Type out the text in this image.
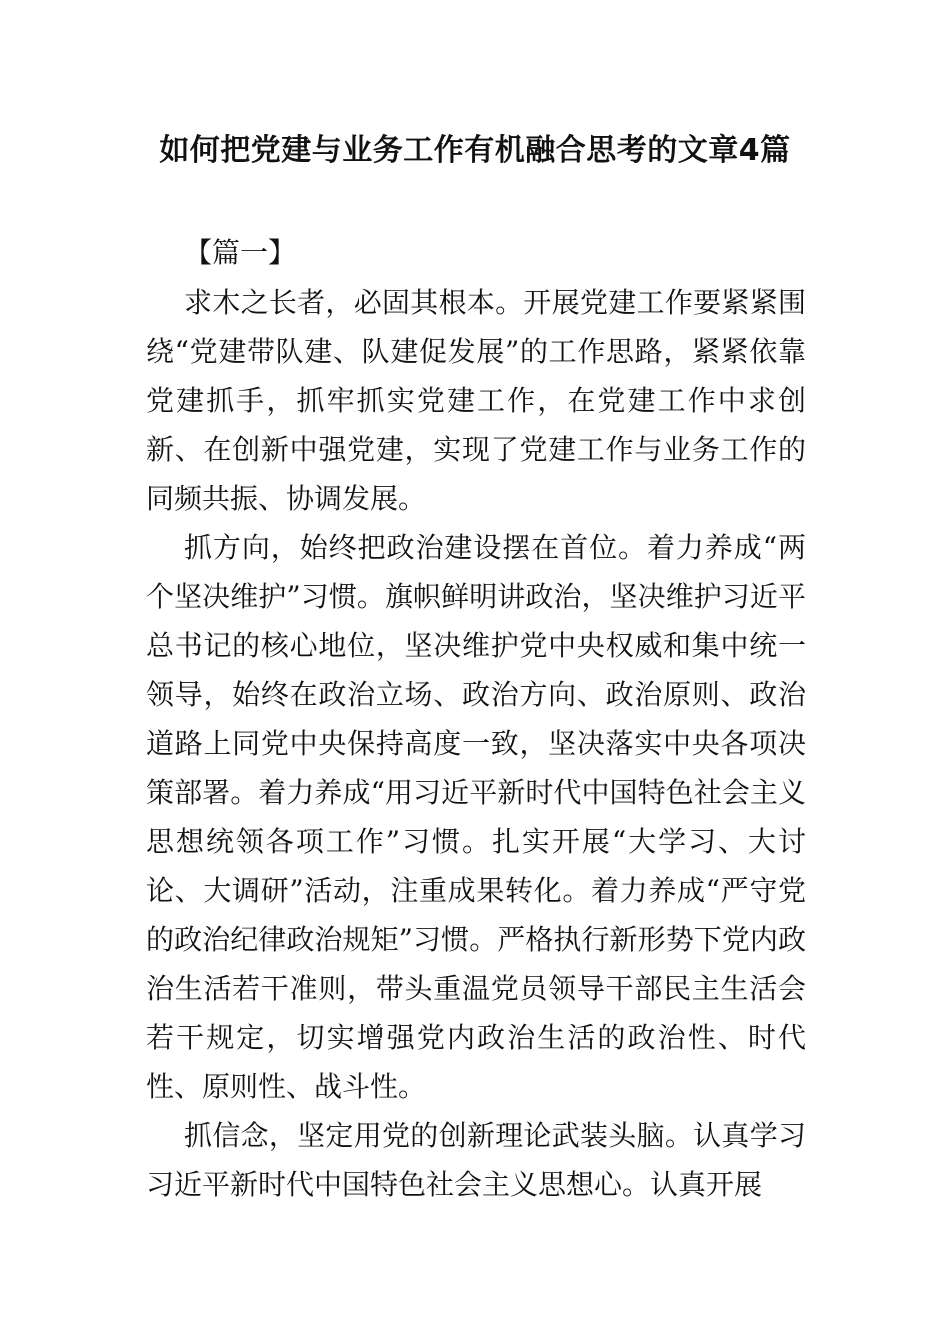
如何把党建与业务工作有机融合思考的文章4篇

【篇一】

求木之长者，必固其根本。开展党建工作要紧紧围绕“党建带队建、队建促发展”的工作思路，紧紧依靠党建抓手，抓牢抓实党建工作，在党建工作中求创新、在创新中强党建，实现了党建工作与业务工作的同频共振、协调发展。

抓方向，始终把政治建设摆在首位。着力养成“两个坚决维护”习惯。旗帜鲜明讲政治，坚决维护习近平总书记的核心地位，坚决维护党中央权威和集中统一领导，始终在政治立场、政治方向、政治原则、政治道路上同党中央保持高度一致，坚决落实中央各项决策部署。着力养成“用习近平新时代中国特色社会主义思想统领各项工作”习惯。扎实开展“大学习、大讨论、大调研”活动，注重成果转化。着力养成“严守党的政治纪律政治规矩”习惯。严格执行新形势下党内政治生活若干准则，带头重温党员领导干部民主生活会若干规定，切实增强党内政治生活的政治性、时代性、原则性、战斗性。

抓信念，坚定用党的创新理论武装头脑。认真学习习近平新时代中国特色社会主义思想心。认真开展
